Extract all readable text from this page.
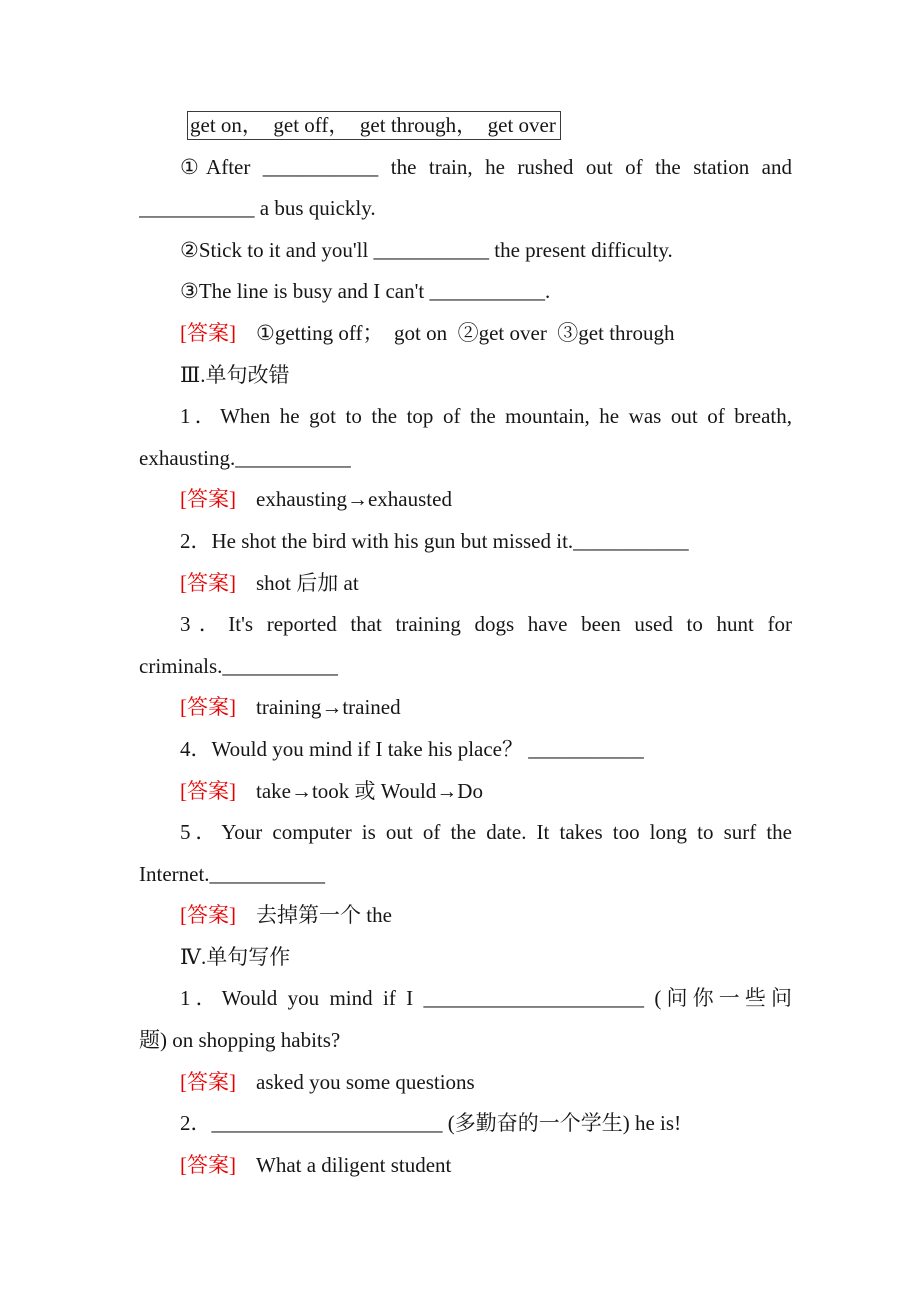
get on，  get off，  get through，  get over
①After ___________ the train, he rushed out of the station and
___________ a bus quickly.
②Stick to it and you'll ___________ the present difficulty.
③The line is busy and I can't ___________.
[答案] ①getting off；  got on  ②get over  ③get through
Ⅲ.单句改错
1．When he got to the top of the mountain, he was out of breath,
exhausting.___________
[答案] exhausting→exhausted
2．He shot the bird with his gun but missed it.___________
[答案] shot 后加 at
3．It's reported that training dogs have been used to hunt for
criminals.___________
[答案] training→trained
4．Would you mind if I take his place？ ___________
[答案] take→took 或 Would→Do
5．Your computer is out of the date. It takes too long to surf the
Internet.___________
[答案] 去掉第一个 the
Ⅳ.单句写作
1．Would you mind if I _____________________ (问你一些问
题) on shopping habits?
[答案] asked you some questions
2．______________________ (多勤奋的一个学生) he is!
[答案] What a diligent student
